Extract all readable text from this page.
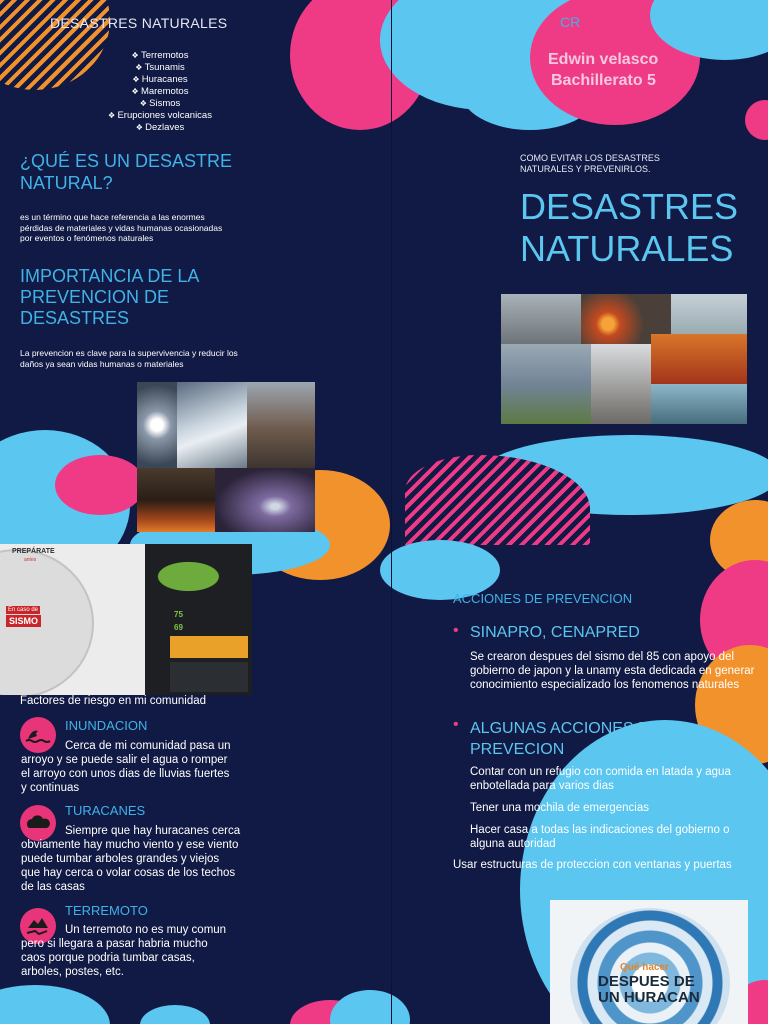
DESASTRES NATURALES
❖ Terremotos
❖ Tsunamis
❖ Huracanes
❖ Maremotos
❖ Sismos
❖ Erupciones volcanicas
❖ Dezlaves
¿QUÉ ES UN DESASTRE NATURAL?
es un término que hace referencia a las enormes pérdidas de materiales y vidas humanas ocasionadas por eventos o fenómenos naturales
IMPORTANCIA DE LA PREVENCION DE DESASTRES
La prevencion es clave para la supervivencia y reducir los daños ya sean vidas humanas o materiales
CR
Edwin velasco
Bachillerato 5
COMO EVITAR LOS DESASTRES NATURALES Y PREVENIRLOS.
DESASTRES NATURALES
PREPÁRATE
antes
En caso de
SISMO
75
69
Factores de riesgo en mi comunidad
INUNDACION
Cerca de mi comunidad pasa un arroyo y se puede salir el agua o romper el arroyo con unos dias de lluvias fuertes y continuas
TURACANES
Siempre que hay huracanes cerca obviamente hay mucho viento y ese viento puede tumbar arboles grandes y viejos que hay cerca o volar cosas de los techos de las casas
TERREMOTO
Un terremoto no es muy comun pero si llegara a pasar habria mucho caos porque podria tumbar casas, arboles, postes, etc.
ACCIONES DE PREVENCION
• SINAPRO, CENAPRED
Se crearon despues del sismo del 85 con apoyo del gobierno de japon y la unamy esta dedicada en generar conocimiento especializado los fenomenos naturales
• ALGUNAS ACCIONES DE PREVECION
Contar con un refugio con comida en latada y agua enbotellada para varios dias
Tener una mochila de emergencias
Hacer casa a todas las indicaciones del gobierno o alguna autoridad
Usar estructuras de proteccion con ventanas y puertas
Qué hacer
DESPUES DE
UN HURACAN
